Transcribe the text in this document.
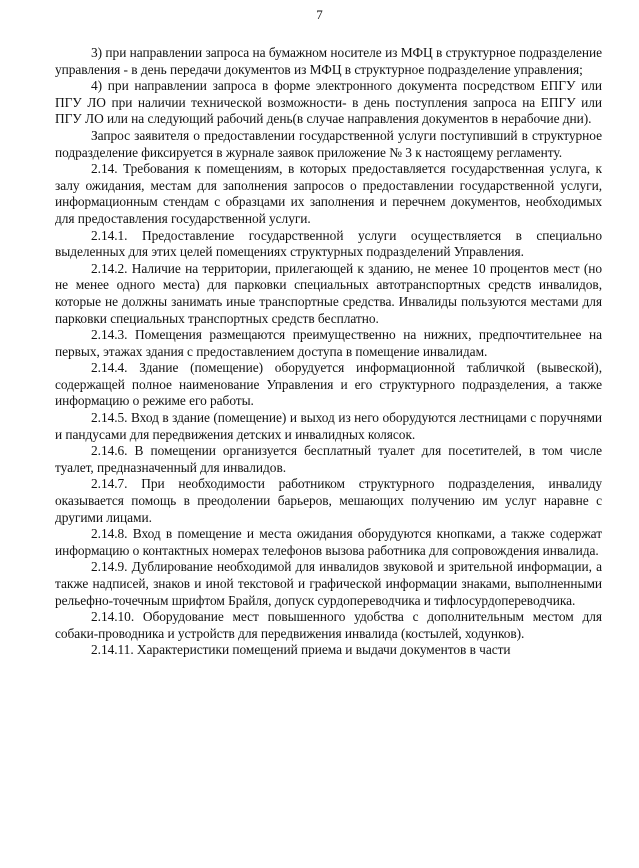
7

3) при направлении запроса на бумажном носителе из МФЦ в структурное подразделение управления - в день передачи документов из МФЦ в структурное подразделение управления;

4) при направлении запроса в форме электронного документа посредством ЕПГУ или ПГУ ЛО при наличии технической возможности- в день поступления запроса на ЕПГУ или ПГУ ЛО или на следующий рабочий день(в случае направления документов в нерабочие дни).

Запрос заявителя о предоставлении государственной услуги поступивший в структурное подразделение фиксируется в журнале заявок приложение № 3 к настоящему регламенту.

2.14. Требования к помещениям, в которых предоставляется государственная услуга, к залу ожидания, местам для заполнения запросов о предоставлении государственной услуги, информационным стендам с образцами их заполнения и перечнем документов, необходимых для предоставления государственной услуги.

2.14.1. Предоставление государственной услуги осуществляется в специально выделенных для этих целей помещениях структурных подразделений Управления.

2.14.2. Наличие на территории, прилегающей к зданию, не менее 10 процентов мест (но не менее одного места) для парковки специальных автотранспортных средств инвалидов, которые не должны занимать иные транспортные средства. Инвалиды пользуются местами для парковки специальных транспортных средств бесплатно.

2.14.3. Помещения размещаются преимущественно на нижних, предпочтительнее на первых, этажах здания с предоставлением доступа в помещение инвалидам.

2.14.4. Здание (помещение) оборудуется информационной табличкой (вывеской), содержащей полное наименование Управления и его структурного подразделения, а также информацию о режиме его работы.

2.14.5. Вход в здание (помещение) и выход из него оборудуются лестницами с поручнями и пандусами для передвижения детских и инвалидных колясок.

2.14.6. В помещении организуется бесплатный туалет для посетителей, в том числе туалет, предназначенный для инвалидов.

2.14.7. При необходимости работником структурного подразделения, инвалиду оказывается помощь в преодолении барьеров, мешающих получению им услуг наравне с другими лицами.

2.14.8. Вход в помещение и места ожидания оборудуются кнопками, а также содержат информацию о контактных номерах телефонов вызова работника для сопровождения инвалида.

2.14.9. Дублирование необходимой для инвалидов звуковой и зрительной информации, а также надписей, знаков и иной текстовой и графической информации знаками, выполненными рельефно-точечным шрифтом Брайля, допуск сурдопереводчика и тифлосурдопереводчика.

2.14.10. Оборудование мест повышенного удобства с дополнительным местом для собаки-проводника и устройств для передвижения инвалида (костылей, ходунков).

2.14.11. Характеристики помещений приема и выдачи документов в части
